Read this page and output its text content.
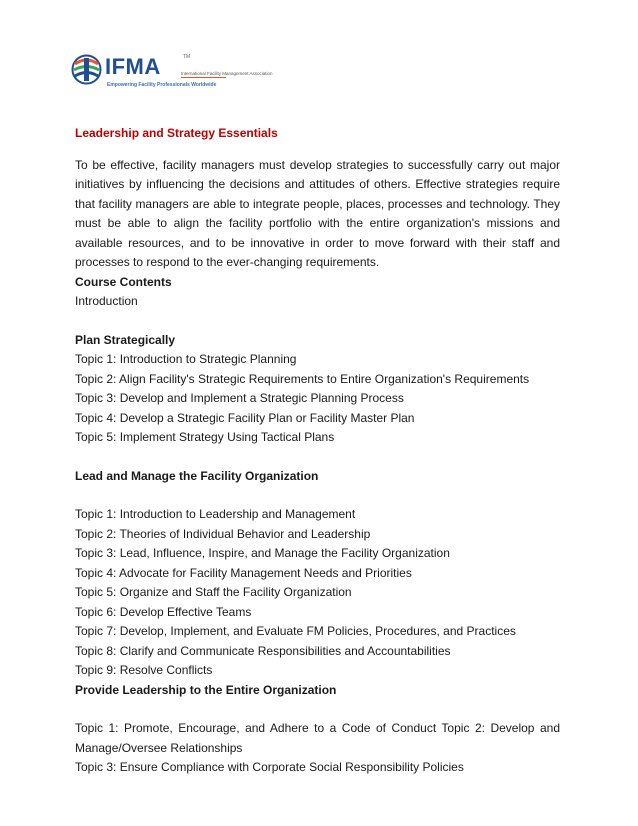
IFMA	TM
International Facility Management Association
Empowering Facility Professionals Worldwide

Leadership and Strategy Essentials

To be effective, facility managers must develop strategies to successfully carry out major initiatives by influencing the decisions and attitudes of others. Effective strategies require that facility managers are able to integrate people, places, processes and technology. They must be able to align the facility portfolio with the entire organization's missions and available resources, and to be innovative in order to move forward with their staff and processes to respond to the ever-changing requirements.

Course Contents

Introduction

Plan Strategically

Topic 1: Introduction to Strategic Planning

Topic 2: Align Facility's Strategic Requirements to Entire Organization's Requirements

Topic 3: Develop and Implement a Strategic Planning Process

Topic 4: Develop a Strategic Facility Plan or Facility Master Plan

Topic 5: Implement Strategy Using Tactical Plans

Lead and Manage the Facility Organization

Topic 1: Introduction to Leadership and Management

Topic 2: Theories of Individual Behavior and Leadership

Topic 3: Lead, Influence, Inspire, and Manage the Facility Organization

Topic 4: Advocate for Facility Management Needs and Priorities

Topic 5: Organize and Staff the Facility Organization

Topic 6: Develop Effective Teams

Topic 7: Develop, Implement, and Evaluate FM Policies, Procedures, and Practices

Topic 8: Clarify and Communicate Responsibilities and Accountabilities

Topic 9: Resolve Conflicts

Provide Leadership to the Entire Organization

Topic 1: Promote, Encourage, and Adhere to a Code of Conduct Topic 2: Develop and Manage/Oversee Relationships

Topic 3: Ensure Compliance with Corporate Social Responsibility Policies
